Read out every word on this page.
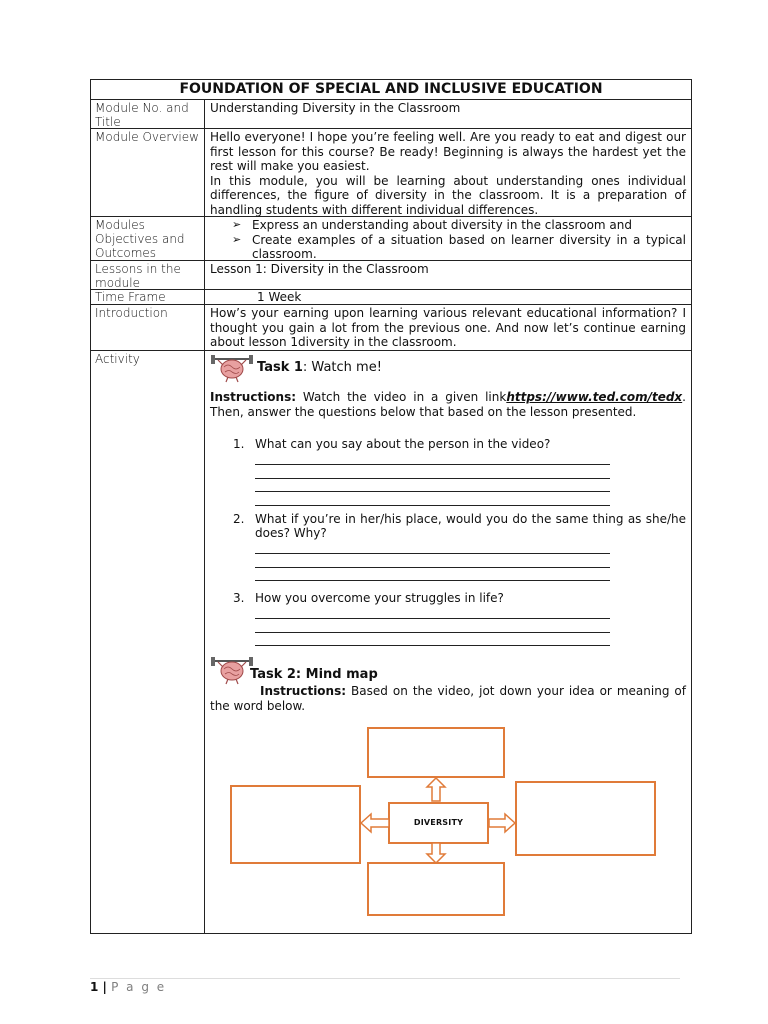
FOUNDATION OF SPECIAL AND INCLUSIVE EDUCATION
Module No. and Title
Understanding Diversity in the Classroom
Module Overview Hello everyone! I hope you’re feeling well. Are you ready to eat and digest our first lesson for this course? Be ready! Beginning is always the hardest yet the rest will make you easiest.

In this module, you will be learning about understanding ones individual differences, the figure of diversity in the classroom. It is a preparation of handling students with different individual differences.

Modules Objectives and Outcomes
➢ Express an understanding about diversity in the classroom and
➢ Create examples of a situation based on learner diversity in a typical classroom.
Lessons in the module
Lesson 1: Diversity in the Classroom
Time Frame	1 Week
Introduction	How’s your earning upon learning various relevant educational information? I thought you gain a lot from the previous one. And now let’s continue earning about lesson 1diversity in the classroom.
Activity
Task 1: Watch me!

Instructions: Watch the video in a given linkhttps://www.ted.com/tedx. Then, answer the questions below that based on the lesson presented.

1. What can you say about the person in the video?
2. What if you’re in her/his place, would you do the same thing as she/he does? Why?
3. How you overcome your struggles in life?
Task 2: Mind map

Instructions: Based on the video, jot down your idea or meaning of the word below.

DIVERSITY
1 | P a g e
